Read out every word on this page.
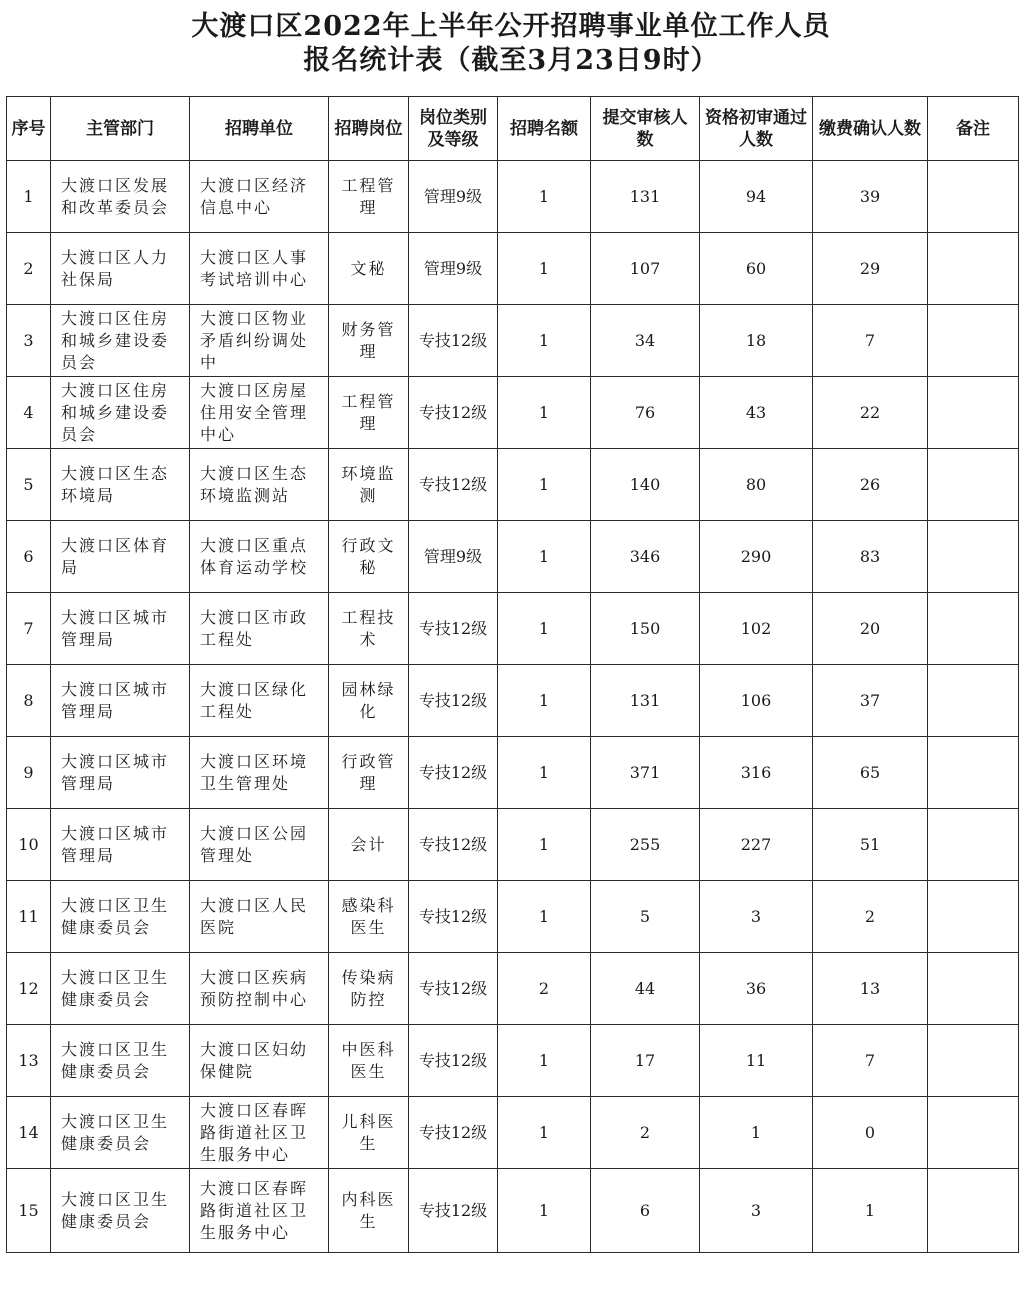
大渡口区2022年上半年公开招聘事业单位工作人员
报名统计表（截至3月23日9时）
序号	主管部门	招聘单位	招聘岗位	岗位类别及等级	招聘名额	提交审核人数	资格初审通过人数	缴费确认人数	备注
1	大渡口区发展和改革委员会	大渡口区经济信息中心	工程管理	管理9级	1	131	94	39	
2	大渡口区人力社保局	大渡口区人事考试培训中心	文秘	管理9级	1	107	60	29	
3	大渡口区住房和城乡建设委员会	大渡口区物业矛盾纠纷调处中	财务管理	专技12级	1	34	18	7	
4	大渡口区住房和城乡建设委员会	大渡口区房屋住用安全管理中心	工程管理	专技12级	1	76	43	22	
5	大渡口区生态环境局	大渡口区生态环境监测站	环境监测	专技12级	1	140	80	26	
6	大渡口区体育局	大渡口区重点体育运动学校	行政文秘	管理9级	1	346	290	83	
7	大渡口区城市管理局	大渡口区市政工程处	工程技术	专技12级	1	150	102	20	
8	大渡口区城市管理局	大渡口区绿化工程处	园林绿化	专技12级	1	131	106	37	
9	大渡口区城市管理局	大渡口区环境卫生管理处	行政管理	专技12级	1	371	316	65	
10	大渡口区城市管理局	大渡口区公园管理处	会计	专技12级	1	255	227	51	
11	大渡口区卫生健康委员会	大渡口区人民医院	感染科医生	专技12级	1	5	3	2	
12	大渡口区卫生健康委员会	大渡口区疾病预防控制中心	传染病防控	专技12级	2	44	36	13	
13	大渡口区卫生健康委员会	大渡口区妇幼保健院	中医科医生	专技12级	1	17	11	7	
14	大渡口区卫生健康委员会	大渡口区春晖路街道社区卫生服务中心	儿科医生	专技12级	1	2	1	0	
15	大渡口区卫生健康委员会	大渡口区春晖路街道社区卫生服务中心	内科医生	专技12级	1	6	3	1	
